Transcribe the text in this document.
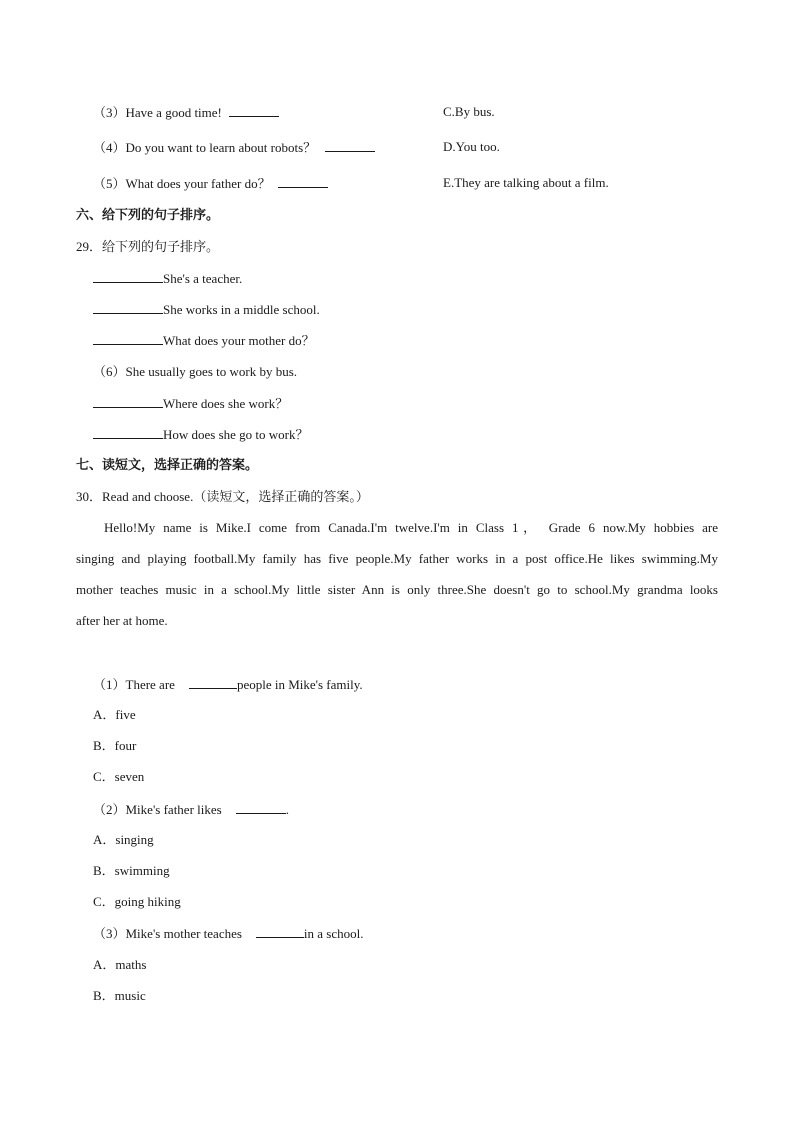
（3）Have a good time!	C.By bus.
（4）Do you want to learn about robots？	D.You too.
（5）What does your father do？	E.They are talking about a film.
六、给下列的句子排序。
29．给下列的句子排序。
She's a teacher.
She works in a middle school.
What does your mother do？
（6）She usually goes to work by bus.
Where does she work？
How does she go to work？
七、读短文，选择正确的答案。
30．Read and choose.（读短文，选择正确的答案。）
Hello!My name is Mike.I come from Canada.I'm twelve.I'm in Class 1， Grade 6 now.My hobbies are
singing and playing football.My family has five people.My father works in a post office.He likes swimming.My
mother teaches music in a school.My little sister Ann is only three.She doesn't go to school.My grandma looks
after her at home.
（1）There are	people in Mike's family.
A．five
B．four
C．seven
（2）Mike's father likes	.
A．singing
B．swimming
C．going hiking
（3）Mike's mother teaches	in a school.
A．maths
B．music
